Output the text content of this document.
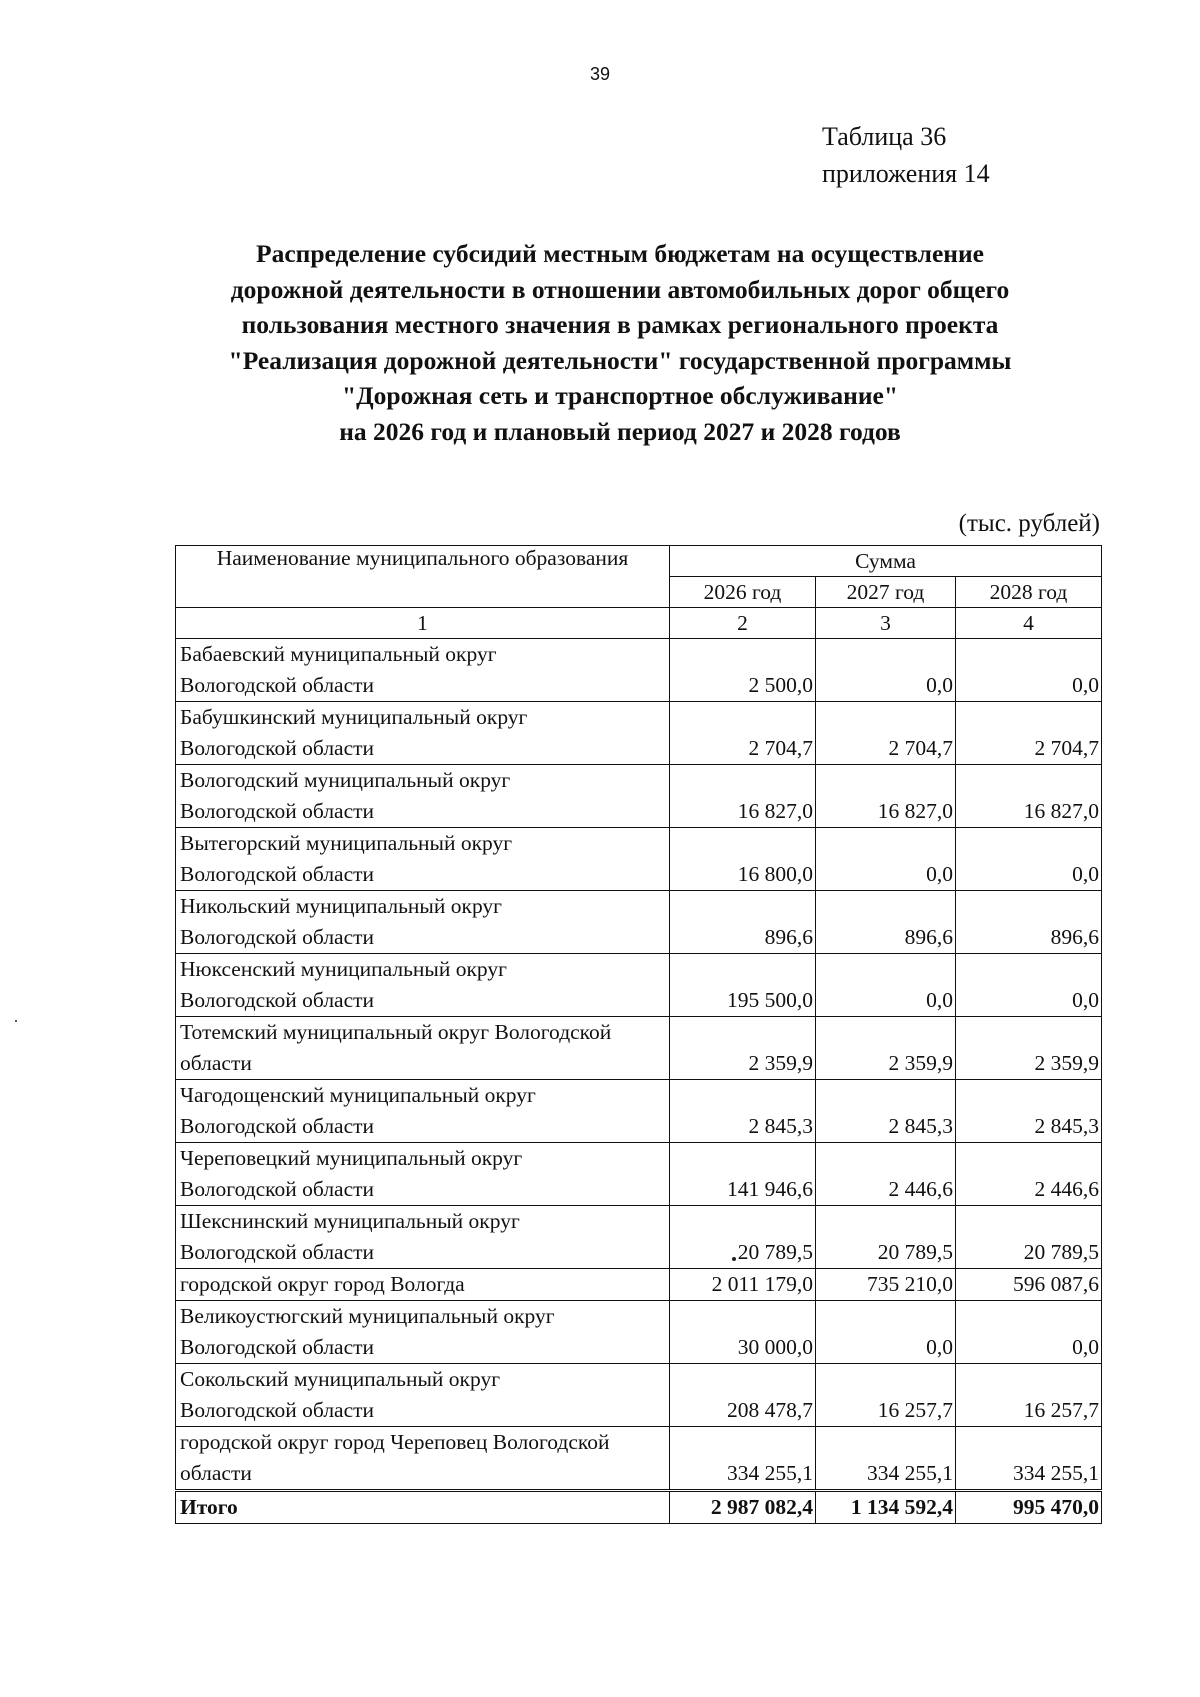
39
Таблица 36
приложения 14
Распределение субсидий местным бюджетам на осуществление
дорожной деятельности в отношении автомобильных дорог общего
пользования местного значения в рамках регионального проекта
"Реализация дорожной деятельности" государственной программы
"Дорожная сеть и транспортное обслуживание"
на 2026 год и плановый период 2027 и 2028 годов
(тыс. рублей)
Наименование муниципального образования	Сумма		
	2026 год	2027 год	2028 год
1	2	3	4

Бабаевский муниципальный округ
Вологодской области	2 500,0	0,0	0,0

Бабушкинский муниципальный округ
Вологодской области	2 704,7	2 704,7	2 704,7

Вологодский муниципальный округ
Вологодской области	16 827,0	16 827,0	16 827,0

Вытегорский муниципальный округ
Вологодской области	16 800,0	0,0	0,0

Никольский муниципальный округ
Вологодской области	896,6	896,6	896,6

Нюксенский муниципальный округ
Вологодской области	195 500,0	0,0	0,0

Тотемский муниципальный округ Вологодской
области	2 359,9	2 359,9	2 359,9

Чагодощенский муниципальный округ
Вологодской области	2 845,3	2 845,3	2 845,3

Череповецкий муниципальный округ
Вологодской области	141 946,6	2 446,6	2 446,6

Шекснинский муниципальный округ
Вологодской области	20 789,5	20 789,5	20 789,5

городской округ город Вологда	2 011 179,0	735 210,0	596 087,6

Великоустюгский муниципальный округ
Вологодской области	30 000,0	0,0	0,0

Сокольский муниципальный округ
Вологодской области	208 478,7	16 257,7	16 257,7

городской округ город Череповец Вологодской
области	334 255,1	334 255,1	334 255,1
Итого	2 987 082,4	1 134 592,4	995 470,0
